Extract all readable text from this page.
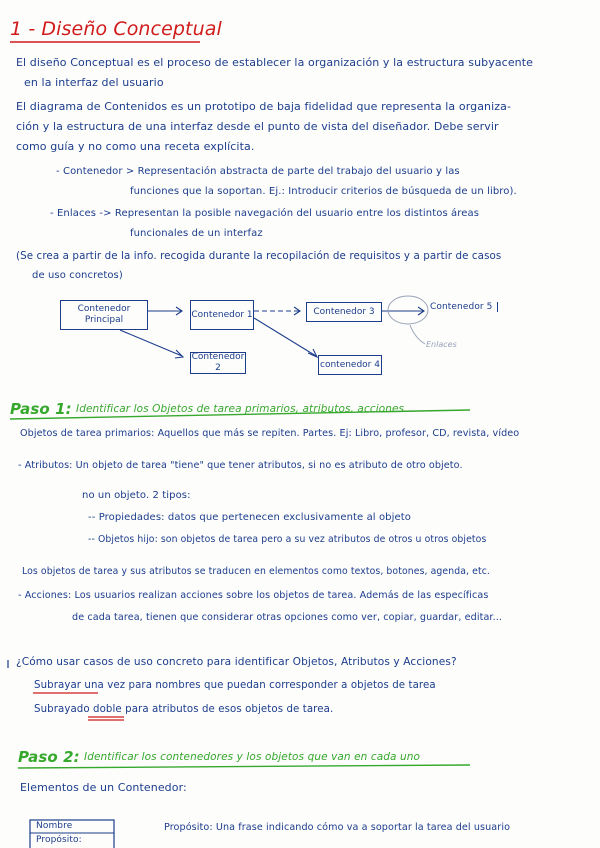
1 - Diseño Conceptual
El diseño Conceptual es el proceso de establecer la organización y la estructura subyacente
en la interfaz del usuario
El diagrama de Contenidos es un prototipo de baja fidelidad que representa la organiza-
ción y la estructura de una interfaz desde el punto de vista del diseñador. Debe servir
como guía y no como una receta explícita.
- Contenedor > Representación abstracta de parte del trabajo del usuario y las
funciones que la soportan. Ej.: Introducir criterios de búsqueda de un libro).
- Enlaces -> Representan la posible navegación del usuario entre los distintos áreas
funcionales de un interfaz
(Se crea a partir de la info. recogida durante la recopilación de requisitos y a partir de casos
de uso concretos)
Contenedor Principal
Contenedor 1
Contenedor 2
Contenedor 3
contenedor 4
Contenedor 5
Enlaces
Paso 1: Identificar los Objetos de tarea primarios, atributos, acciones...
Objetos de tarea primarios: Aquellos que más se repiten. Partes. Ej: Libro, profesor, CD, revista, vídeo
- Atributos: Un objeto de tarea "tiene" que tener atributos, si no es atributo de otro objeto.
no un objeto. 2 tipos:
-- Propiedades: datos que pertenecen exclusivamente al objeto
-- Objetos hijo: son objetos de tarea pero a su vez atributos de otros u otros objetos
Los objetos de tarea y sus atributos se traducen en elementos como textos, botones, agenda, etc.
- Acciones: Los usuarios realizan acciones sobre los objetos de tarea. Además de las específicas
de cada tarea, tienen que considerar otras opciones como ver, copiar, guardar, editar...
¿Cómo usar casos de uso concreto para identificar Objetos, Atributos y Acciones?
Subrayar una vez para nombres que puedan corresponder a objetos de tarea
Subrayado doble para atributos de esos objetos de tarea.
Paso 2: Identificar los contenedores y los objetos que van en cada uno
Elementos de un Contenedor:
Nombre
Propósito:
Propósito: Una frase indicando cómo va a soportar la tarea del usuario
